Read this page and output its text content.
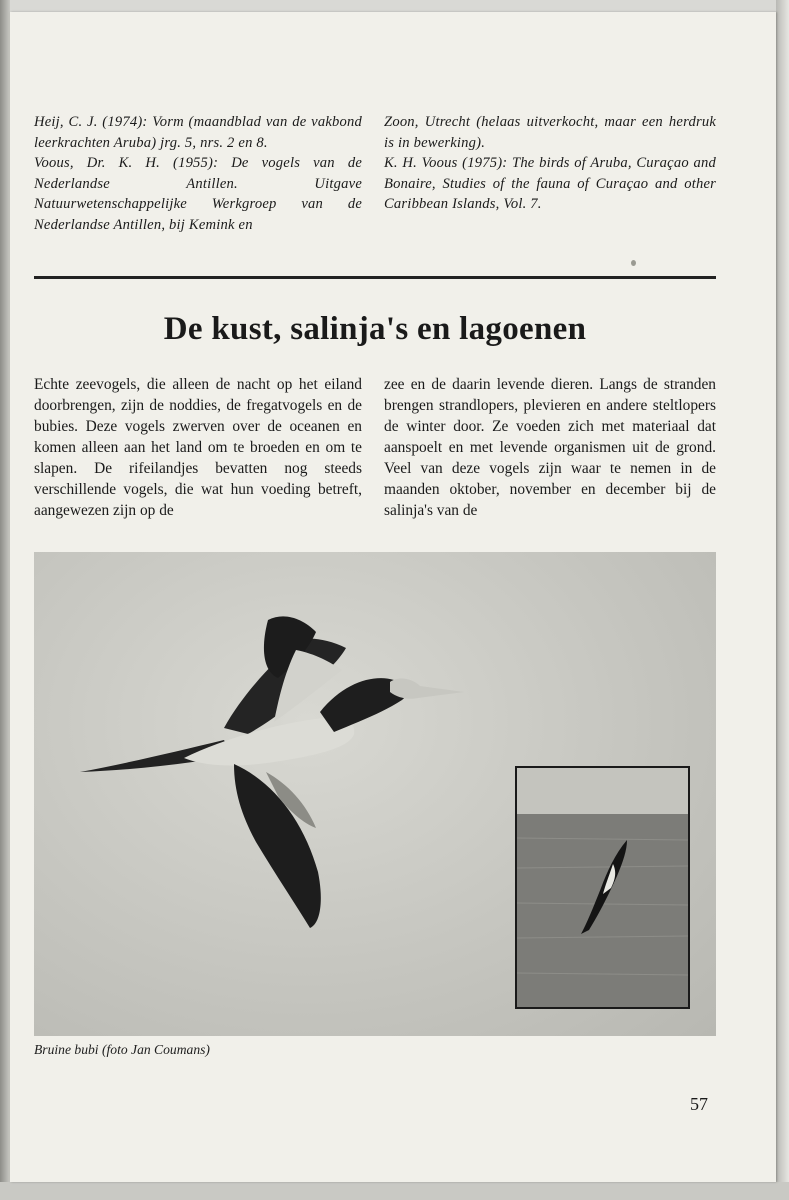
Heij, C. J. (1974): Vorm (maandblad van de vakbond leerkrachten Aruba) jrg. 5, nrs. 2 en 8.
Voous, Dr. K. H. (1955): De vogels van de Nederlandse Antillen. Uitgave Natuurwetenschappelijke Werkgroep van de Nederlandse Antillen, bij Kemink en
Zoon, Utrecht (helaas uitverkocht, maar een herdruk is in bewerking).
K. H. Voous (1975): The birds of Aruba, Curaçao and Bonaire, Studies of the fauna of Curaçao and other Caribbean Islands, Vol. 7.
De kust, salinja's en lagoenen
Echte zeevogels, die alleen de nacht op het eiland doorbrengen, zijn de noddies, de fregatvogels en de bubies. Deze vogels zwerven over de oceanen en komen alleen aan het land om te broeden en om te slapen. De rifeilandjes bevatten nog steeds verschillende vogels, die wat hun voeding betreft, aangewezen zijn op de
zee en de daarin levende dieren. Langs de stranden brengen strandlopers, plevieren en andere steltlopers de winter door. Ze voeden zich met materiaal dat aanspoelt en met levende organismen uit de grond. Veel van deze vogels zijn waar te nemen in de maanden oktober, november en december bij de salinja's van de
Bruine bubi (foto Jan Coumans)
57
